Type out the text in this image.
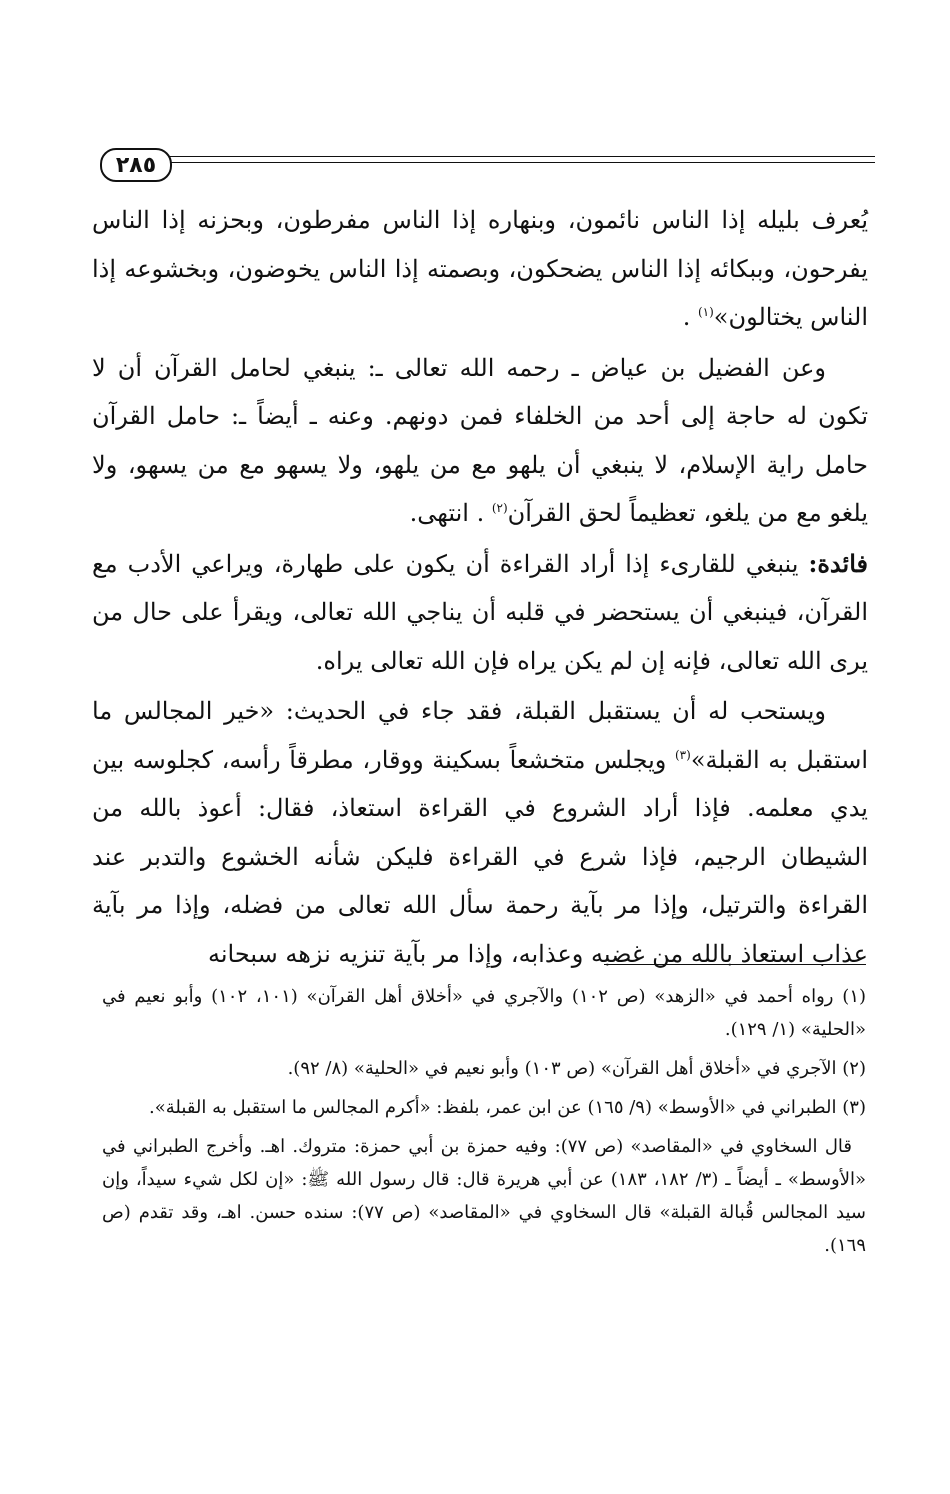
٢٨٥

يُعرف بليله إذا الناس نائمون، وبنهاره إذا الناس مفرطون، وبحزنه إذا الناس يفرحون، وببكائه إذا الناس يضحكون، وبصمته إذا الناس يخوضون، وبخشوعه إذا الناس يختالون»$^{(١)}$ .

وعن الفضيل بن عياض ـ رحمه الله تعالى ـ: ينبغي لحامل القرآن أن لا تكون له حاجة إلى أحد من الخلفاء فمن دونهم. وعنه ـ أيضاً ـ: حامل القرآن حامل راية الإسلام، لا ينبغي أن يلهو مع من يلهو، ولا يسهو مع من يسهو، ولا يلغو مع من يلغو، تعظيماً لحق القرآن$^{(٢)}$ . انتهى.

فائدة: ينبغي للقارىء إذا أراد القراءة أن يكون على طهارة، ويراعي الأدب مع القرآن، فينبغي أن يستحضر في قلبه أن يناجي الله تعالى، ويقرأ على حال من يرى الله تعالى، فإنه إن لم يكن يراه فإن الله تعالى يراه.

ويستحب له أن يستقبل القبلة، فقد جاء في الحديث: «خير المجالس ما استقبل به القبلة»$^{(٣)}$ ويجلس متخشعاً بسكينة ووقار، مطرقاً رأسه، كجلوسه بين يدي معلمه. فإذا أراد الشروع في القراءة استعاذ، فقال: أعوذ بالله من الشيطان الرجيم، فإذا شرع في القراءة فليكن شأنه الخشوع والتدبر عند القراءة والترتيل، وإذا مر بآية رحمة سأل الله تعالى من فضله، وإذا مر بآية عذاب استعاذ بالله من غضبه وعذابه، وإذا مر بآية تنزيه نزهه سبحانه

(١) رواه أحمد في «الزهد» (ص ١٠٢) والآجري في «أخلاق أهل القرآن» (١٠١، ١٠٢) وأبو نعيم في «الحلية» (١/ ١٢٩).

(٢) الآجري في «أخلاق أهل القرآن» (ص ١٠٣) وأبو نعيم في «الحلية» (٨/ ٩٢).

(٣) الطبراني في «الأوسط» (٩/ ١٦٥) عن ابن عمر، بلفظ: «أكرم المجالس ما استقبل به القبلة».

قال السخاوي في «المقاصد» (ص ٧٧): وفيه حمزة بن أبي حمزة: متروك. اهـ. وأخرج الطبراني في «الأوسط» ـ أيضاً ـ (٣/ ١٨٢، ١٨٣) عن أبي هريرة قال: قال رسول الله ﷺ: «إن لكل شيء سيداً، وإن سيد المجالس قُبالة القبلة» قال السخاوي في «المقاصد» (ص ٧٧): سنده حسن. اهـ، وقد تقدم (ص ١٦٩).
